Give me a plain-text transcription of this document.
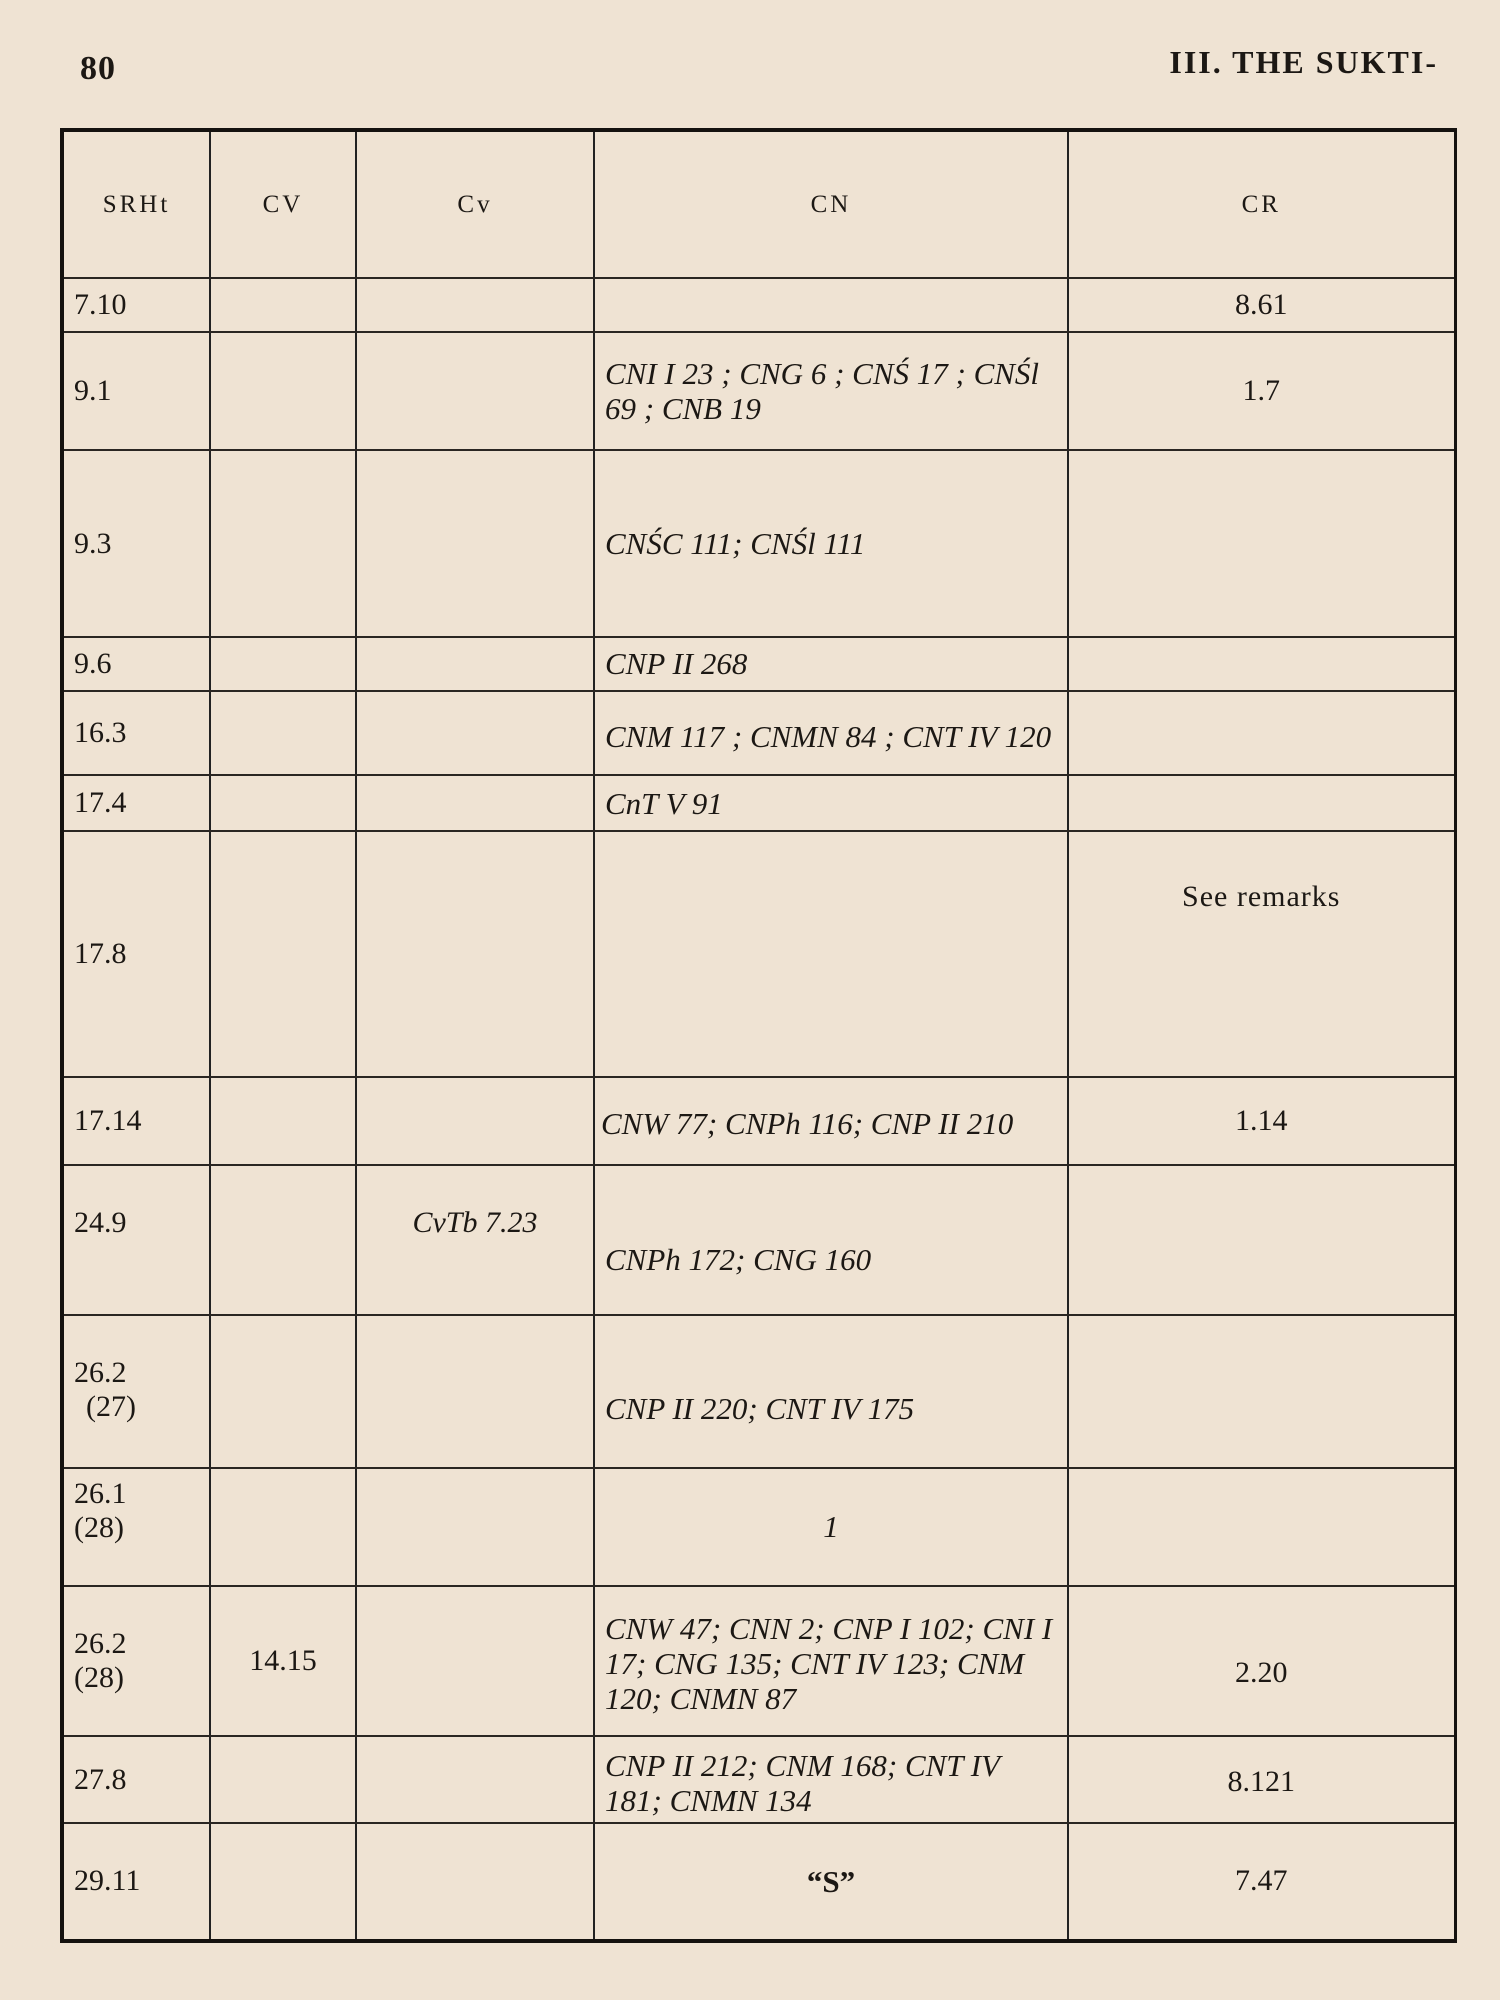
80	III. THE SUKTI-
SRHt	CV	Cv	CN	CR

7.10				8.61

9.1			CNI I 23 ; CNG 6 ; CNŚ 17 ; CNŚl 69 ; CNB 19	1.7

9.3			CNŚC 111; CNŚl 111	

9.6			CNP II 268	

16.3			CNM 117 ; CNMN 84 ; CNT IV 120	

17.4			CnT V 91	

17.8				See remarks

17.14			CNW 77; CNPh 116; CNP II 210	1.14

24.9		CvTb 7.23	CNPh 172; CNG 160	

26.2
(27)			CNP II 220; CNT IV 175	

26.1
(28)			1	

26.2
(28)	14.15		CNW 47; CNN 2; CNP I 102; CNI I 17; CNG 135; CNT IV 123; CNM 120; CNMN 87	2.20

27.8			CNP II 212; CNM 168; CNT IV 181; CNMN 134	8.121

29.11			“S”	7.47
